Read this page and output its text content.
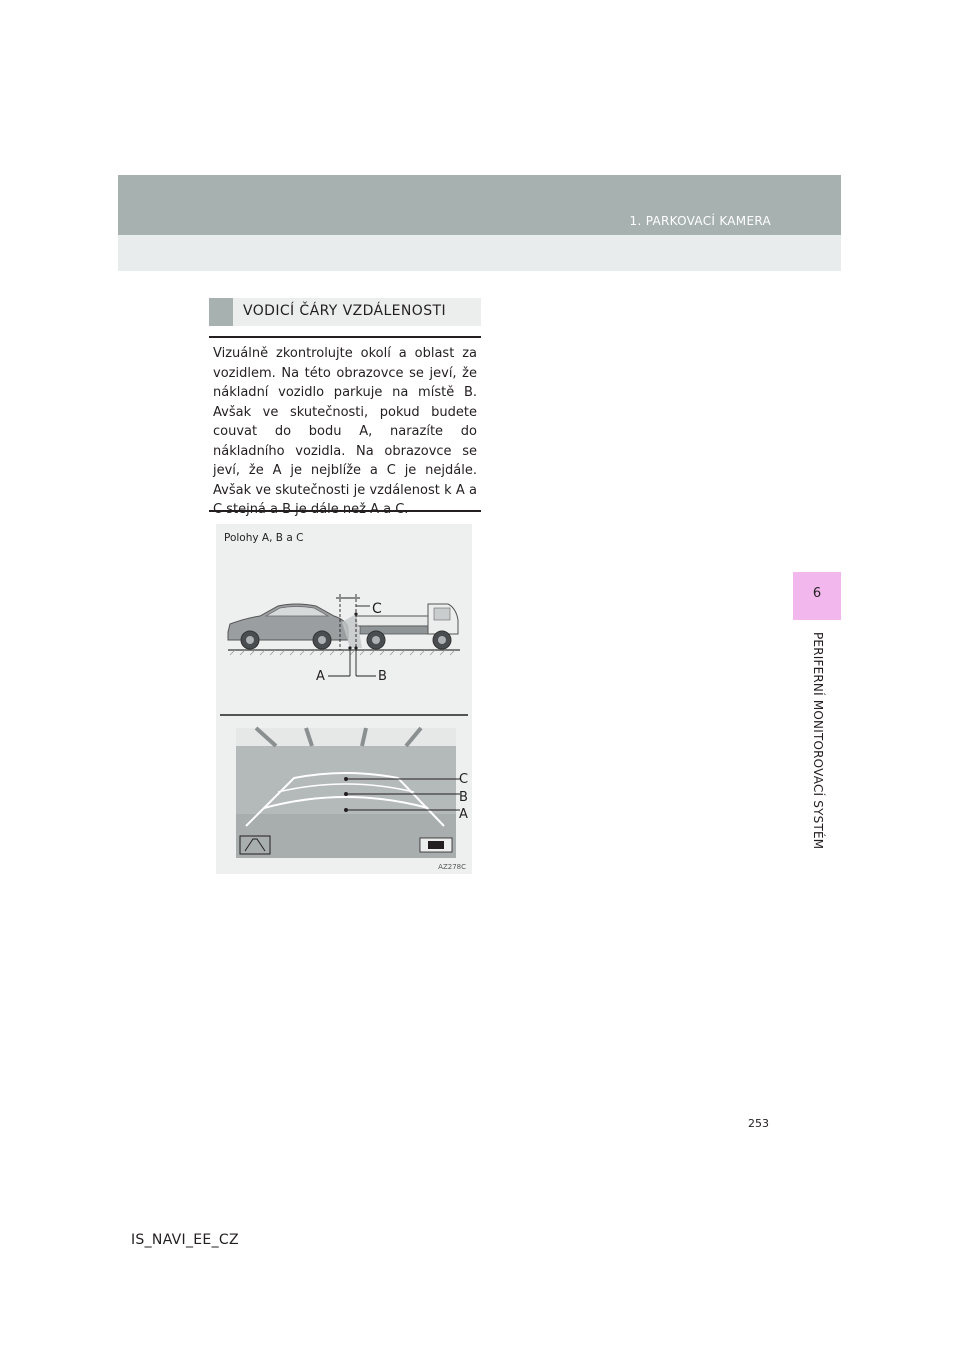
1. PARKOVACÍ KAMERA
6
PERIFERNÍ MONITOROVACÍ SYSTÉM
VODICÍ ČÁRY VZDÁLENOSTI

Vizuálně zkontrolujte okolí a oblast za vozidlem. Na této obrazovce se jeví, že nákladní vozidlo parkuje na místě B. Avšak ve skutečnosti, pokud budete couvat do bodu A, narazíte do nákladního vozidla. Na obrazovce se jeví, že A je nejblíže a C je nejdále. Avšak ve skutečnosti je vzdálenost k A a C stejná a B je dále než A a C.

C
A	B
C
B
A
Polohy A, B a C
AZ278C
253
IS_NAVI_EE_CZ
